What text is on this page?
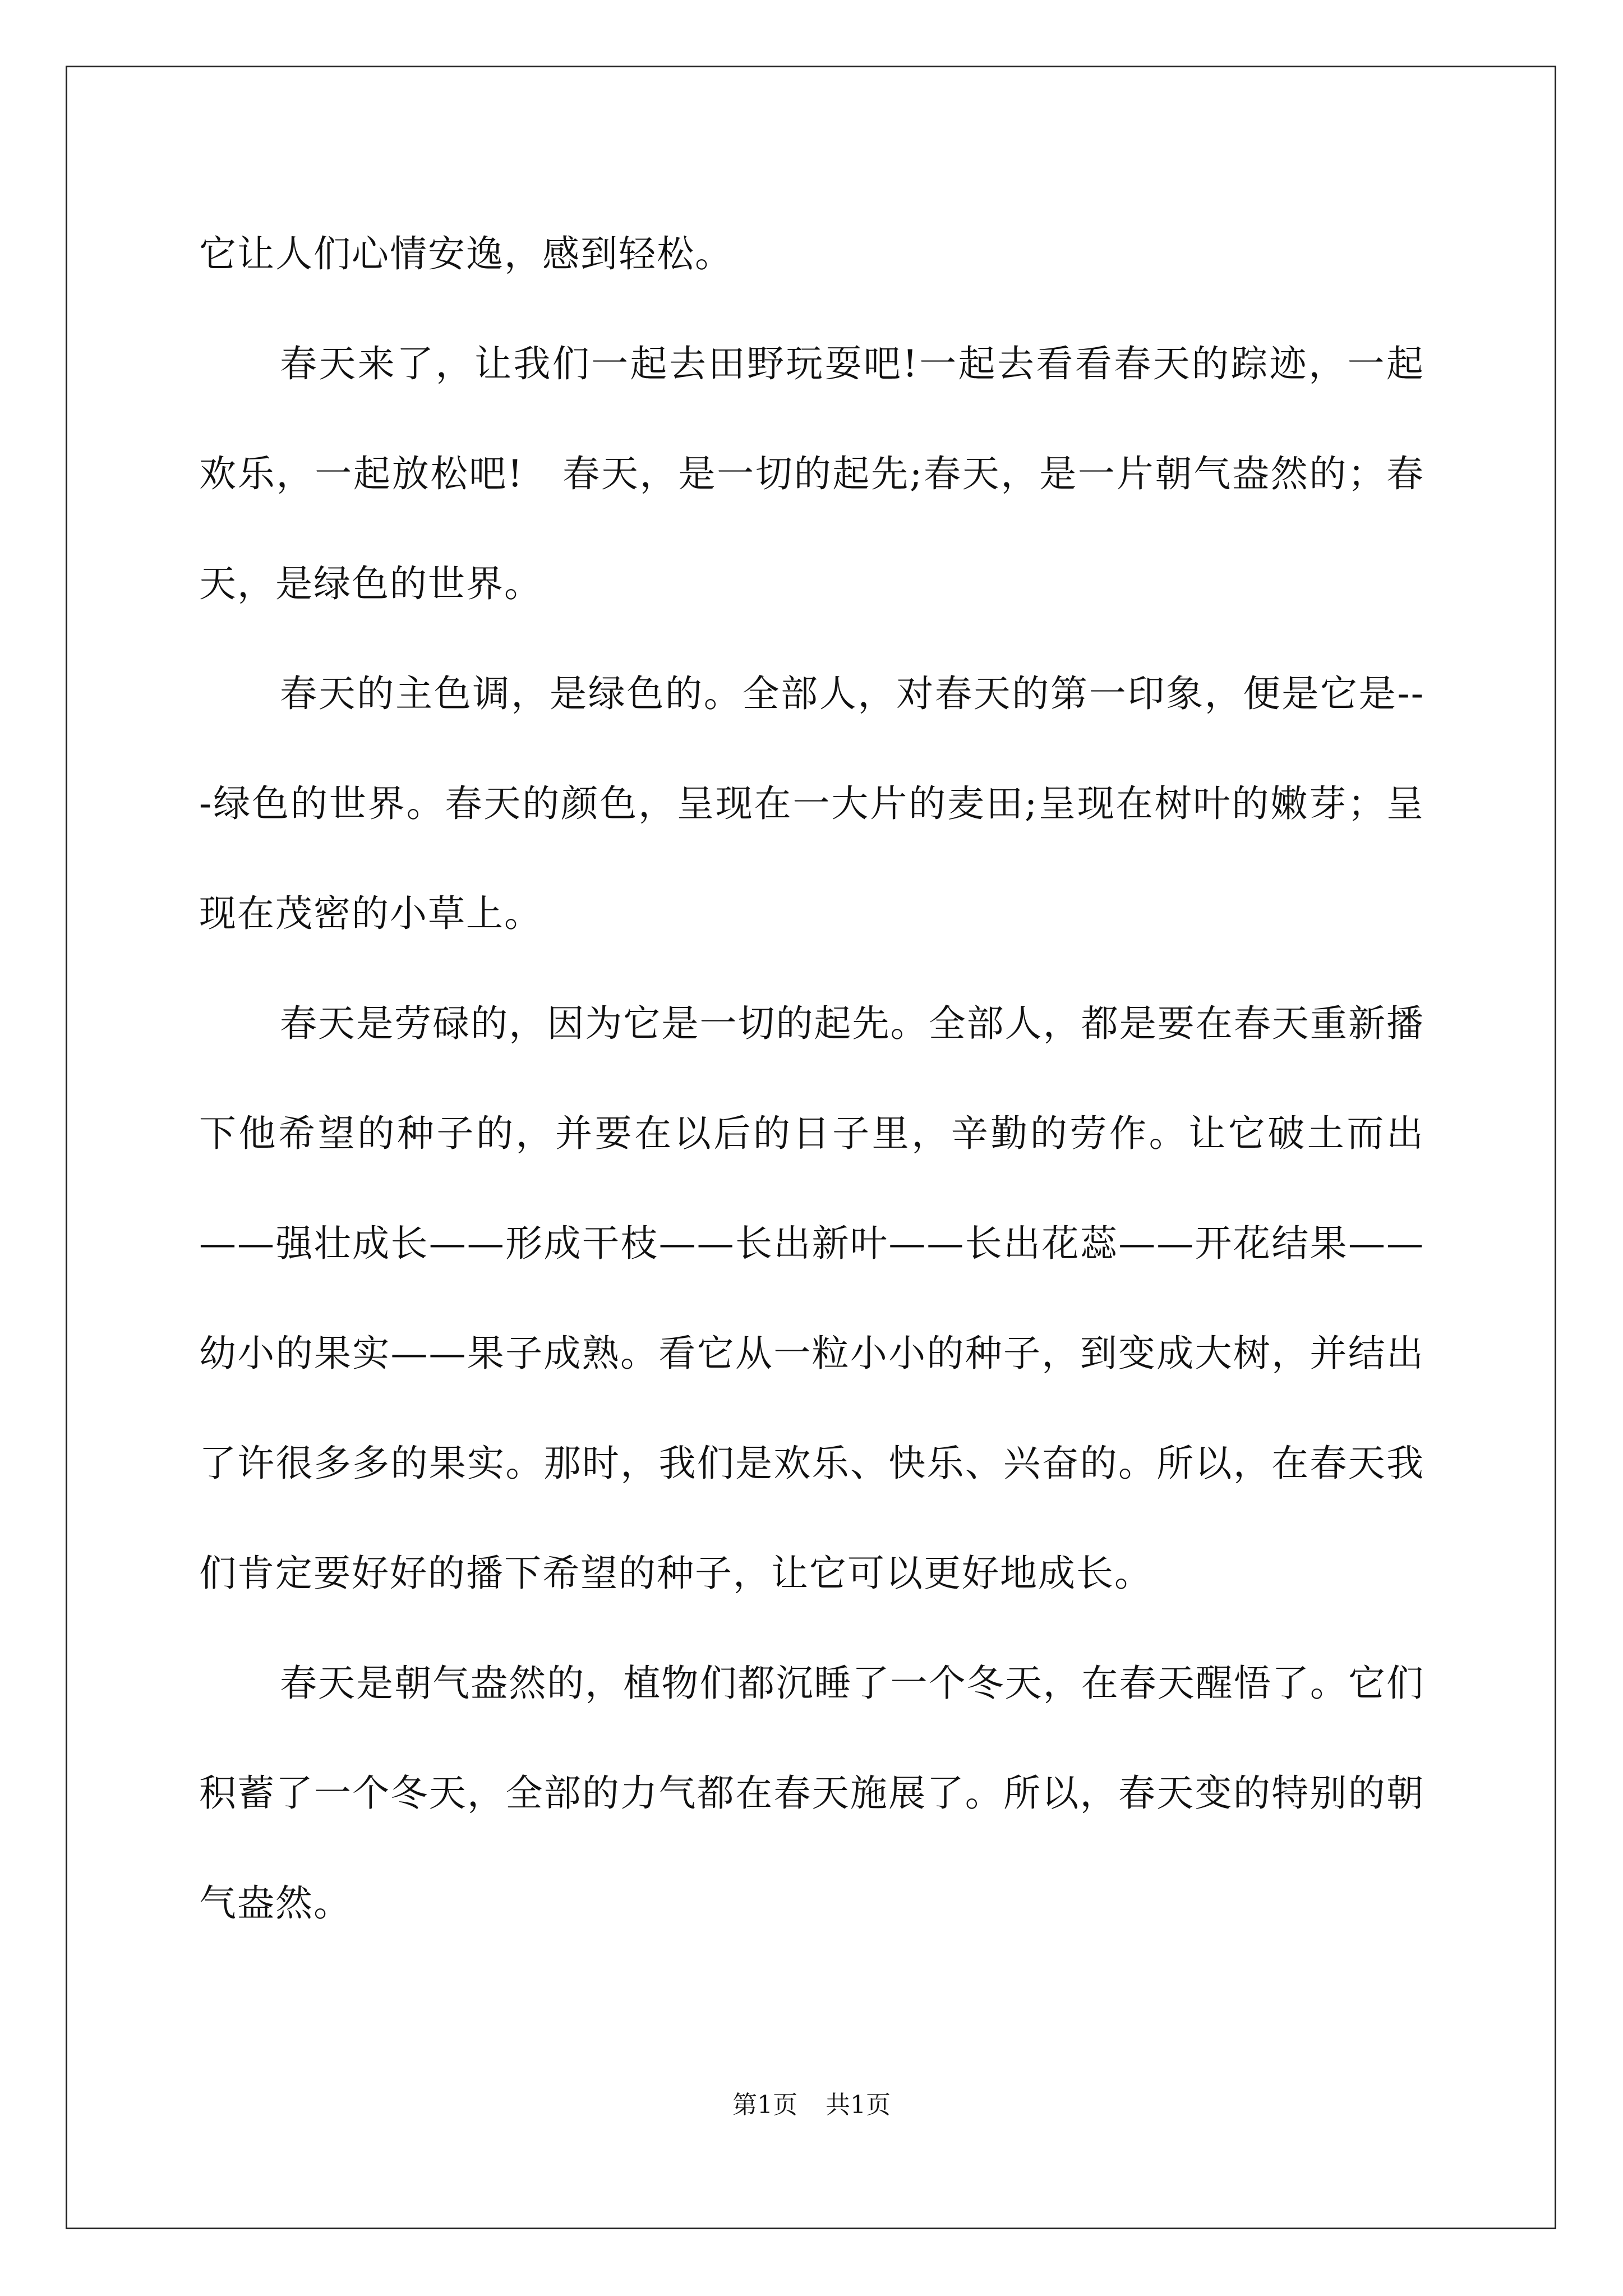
它让人们心情安逸，感到轻松。

春天来了，让我们一起去田野玩耍吧!一起去看看春天的踪迹，一起欢乐，一起放松吧!　春天，是一切的起先;春天，是一片朝气盎然的；春天，是绿色的世界。

春天的主色调，是绿色的。全部人，对春天的第一印象，便是它是---绿色的世界。春天的颜色，呈现在一大片的麦田;呈现在树叶的嫩芽；呈现在茂密的小草上。

春天是劳碌的，因为它是一切的起先。全部人，都是要在春天重新播下他希望的种子的，并要在以后的日子里，辛勤的劳作。让它破土而出——强壮成长——形成干枝——长出新叶——长出花蕊——开花结果——幼小的果实——果子成熟。看它从一粒小小的种子，到变成大树，并结出了许很多多的果实。那时，我们是欢乐、快乐、兴奋的。所以，在春天我们肯定要好好的播下希望的种子，让它可以更好地成长。

春天是朝气盎然的，植物们都沉睡了一个冬天，在春天醒悟了。它们积蓄了一个冬天，全部的力气都在春天施展了。所以，春天变的特别的朝气盎然。

第1页 共1页
